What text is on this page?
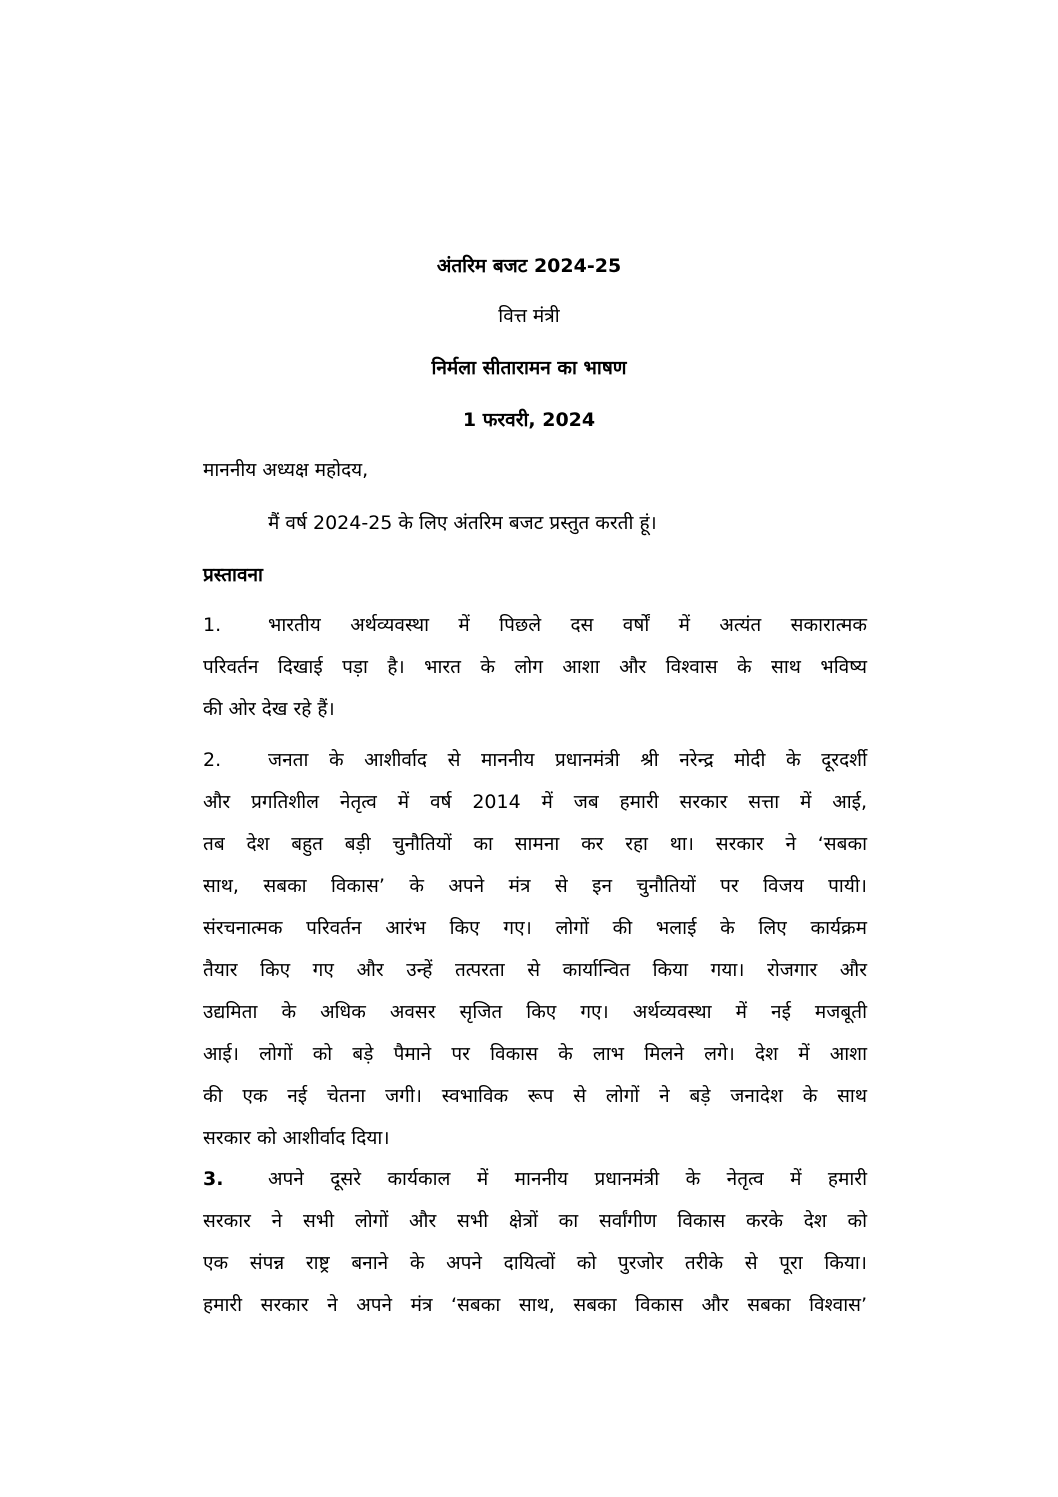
अंतरिम बजट 2024-25

वित्त मंत्री

निर्मला सीतारामन का भाषण

1 फरवरी, 2024

माननीय अध्यक्ष महोदय,

मैं वर्ष 2024-25 के लिए अंतरिम बजट प्रस्तुत करती हूं।

प्रस्तावना
1.	भारतीय अर्थव्यवस्था में पिछले दस वर्षों में अत्यंत सकारात्मक
परिवर्तन दिखाई पड़ा है। भारत के लोग आशा और विश्वास के साथ भविष्य
की ओर देख रहे हैं।
2.	जनता के आशीर्वाद से माननीय प्रधानमंत्री श्री नरेन्द्र मोदी के दूरदर्शी
और प्रगतिशील नेतृत्व में वर्ष 2014 में जब हमारी सरकार सत्ता में आई,
तब देश बहुत बड़ी चुनौतियों का सामना कर रहा था। सरकार ने ‘सबका
साथ, सबका विकास’ के अपने मंत्र से इन चुनौतियों पर विजय पायी।
संरचनात्मक परिवर्तन आरंभ किए गए। लोगों की भलाई के लिए कार्यक्रम
तैयार किए गए और उन्हें तत्परता से कार्यान्वित किया गया। रोजगार और
उद्यमिता के अधिक अवसर सृजित किए गए। अर्थव्यवस्था में नई मजबूती
आई। लोगों को बड़े पैमाने पर विकास के लाभ मिलने लगे। देश में आशा
की एक नई चेतना जगी। स्वभाविक रूप से लोगों ने बड़े जनादेश के साथ
सरकार को आशीर्वाद दिया।
3.	अपने दूसरे कार्यकाल में माननीय प्रधानमंत्री के नेतृत्व में हमारी
सरकार ने सभी लोगों और सभी क्षेत्रों का सर्वांगीण विकास करके देश को
एक संपन्न राष्ट्र बनाने के अपने दायित्वों को पुरजोर तरीके से पूरा किया।
हमारी सरकार ने अपने मंत्र ‘सबका साथ, सबका विकास और सबका विश्वास’
